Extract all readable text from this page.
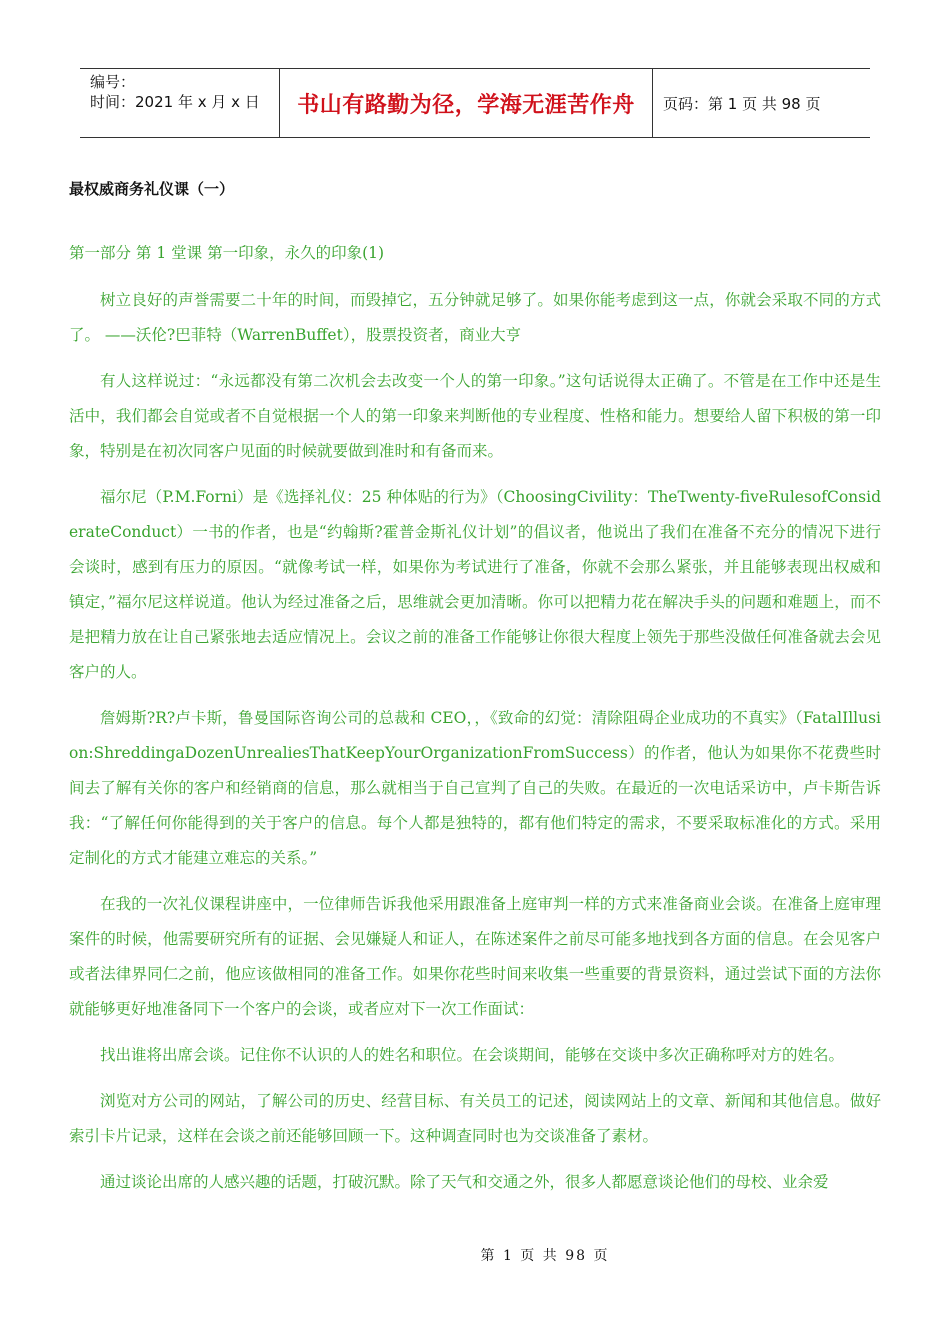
编号：
时间：2021 年 x 月 x 日	书山有路勤为径，学海无涯苦作舟	页码：第 1 页 共 98 页
最权威商务礼仪课（一）
第一部分 第 1 堂课 第一印象，永久的印象(1)

树立良好的声誉需要二十年的时间，而毁掉它，五分钟就足够了。如果你能考虑到这一点，你就会采取不同的方式了。 ——沃伦?巴菲特（WarrenBuffet），股票投资者，商业大亨

有人这样说过：“永远都没有第二次机会去改变一个人的第一印象。”这句话说得太正确了。不管是在工作中还是生活中，我们都会自觉或者不自觉根据一个人的第一印象来判断他的专业程度、性格和能力。想要给人留下积极的第一印象，特别是在初次同客户见面的时候就要做到准时和有备而来。

福尔尼（P.M.Forni）是《选择礼仪：25 种体贴的行为》（ChoosingCivility：TheTwenty-fiveRulesofConsiderateConduct）一书的作者，也是“约翰斯?霍普金斯礼仪计划”的倡议者，他说出了我们在准备不充分的情况下进行会谈时，感到有压力的原因。“就像考试一样，如果你为考试进行了准备，你就不会那么紧张，并且能够表现出权威和镇定，”福尔尼这样说道。他认为经过准备之后，思维就会更加清晰。你可以把精力花在解决手头的问题和难题上，而不是把精力放在让自己紧张地去适应情况上。会议之前的准备工作能够让你很大程度上领先于那些没做任何准备就去会见客户的人。

詹姆斯?R?卢卡斯，鲁曼国际咨询公司的总裁和 CEO，，《致命的幻觉：清除阻碍企业成功的不真实》（FatalIllusion:ShreddingaDozenUnrealiesThatKeepYourOrganizationFromSuccess）的作者，他认为如果你不花费些时间去了解有关你的客户和经销商的信息，那么就相当于自己宣判了自己的失败。在最近的一次电话采访中，卢卡斯告诉我：“了解任何你能得到的关于客户的信息。每个人都是独特的，都有他们特定的需求，不要采取标准化的方式。采用定制化的方式才能建立难忘的关系。”

在我的一次礼仪课程讲座中，一位律师告诉我他采用跟准备上庭审判一样的方式来准备商业会谈。在准备上庭审理案件的时候，他需要研究所有的证据、会见嫌疑人和证人，在陈述案件之前尽可能多地找到各方面的信息。在会见客户或者法律界同仁之前，他应该做相同的准备工作。如果你花些时间来收集一些重要的背景资料，通过尝试下面的方法你就能够更好地准备同下一个客户的会谈，或者应对下一次工作面试：

找出谁将出席会谈。记住你不认识的人的姓名和职位。在会谈期间，能够在交谈中多次正确称呼对方的姓名。

浏览对方公司的网站，了解公司的历史、经营目标、有关员工的记述，阅读网站上的文章、新闻和其他信息。做好索引卡片记录，这样在会谈之前还能够回顾一下。这种调查同时也为交谈准备了素材。

通过谈论出席的人感兴趣的话题，打破沉默。除了天气和交通之外，很多人都愿意谈论他们的母校、业余爱

第 1 页 共 98 页
